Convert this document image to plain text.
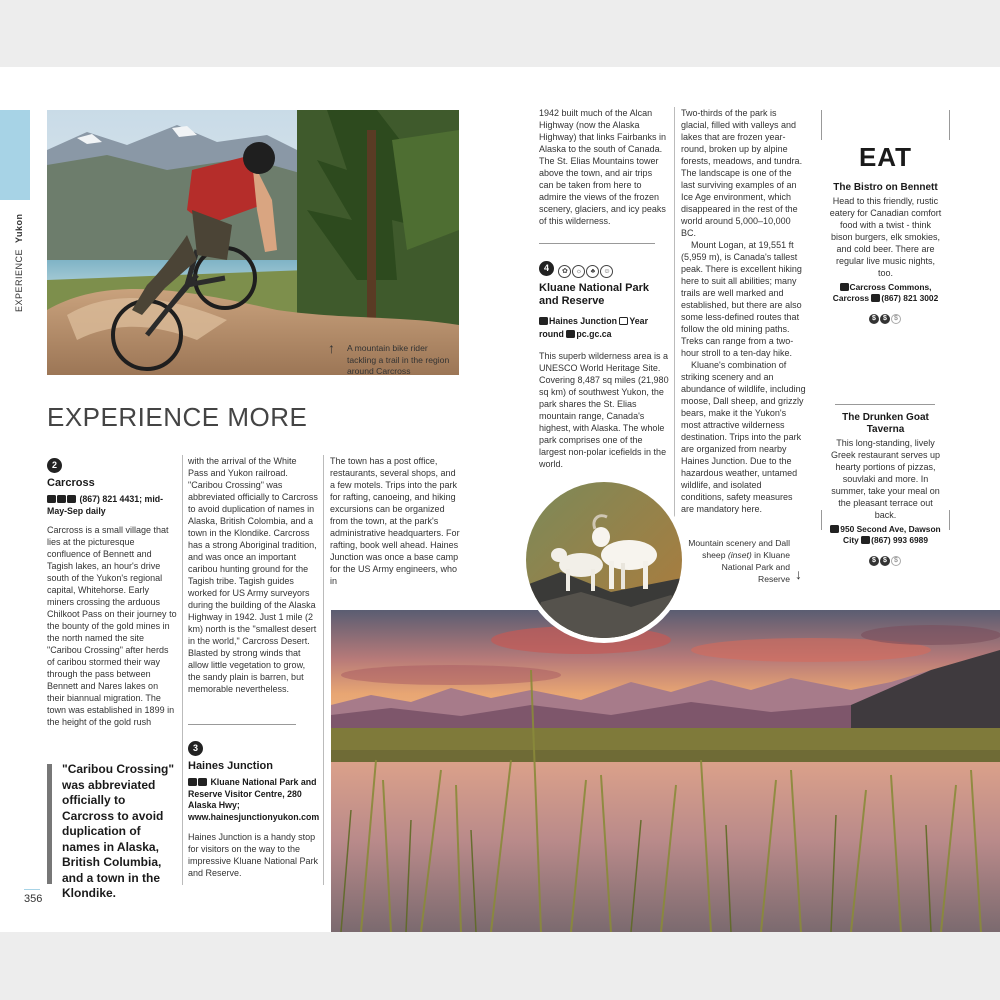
EXPERIENCE Yukon
356
↑ A mountain bike rider tackling a trail in the region around Carcross
EXPERIENCE MORE
2
Carcross
(867) 821 4431; mid-May-Sep daily
Carcross is a small village that lies at the picturesque confluence of Bennett and Tagish lakes, an hour's drive south of the Yukon's regional capital, Whitehorse. Early miners crossing the arduous Chilkoot Pass on their journey to the bounty of the gold mines in the north named the site "Caribou Crossing" after herds of caribou stormed their way through the pass between Bennett and Nares lakes on their biannual migration. The town was established in 1899 in the height of the gold rush
"Caribou Crossing" was abbreviated officially to Carcross to avoid duplication of names in Alaska, British Columbia, and a town in the Klondike.
with the arrival of the White Pass and Yukon railroad. "Caribou Crossing" was abbreviated officially to Carcross to avoid duplication of names in Alaska, British Colombia, and a town in the Klondike. Carcross has a strong Aboriginal tradition, and was once an important caribou hunting ground for the Tagish tribe. Tagish guides worked for US Army surveyors during the building of the Alaska Highway in 1942. Just 1 mile (2 km) north is the "smallest desert in the world," Carcross Desert. Blasted by strong winds that allow little vegetation to grow, the sandy plain is barren, but memorable nevertheless.
3
Haines Junction
Kluane National Park and Reserve Visitor Centre, 280 Alaska Hwy; www.hainesjunctionyukon.com
Haines Junction is a handy stop for visitors on the way to the impressive Kluane National Park and Reserve.
The town has a post office, restaurants, several shops, and a few motels. Trips into the park for rafting, canoeing, and hiking excursions can be organized from the town, at the park's administrative headquarters. For rafting, book well ahead. Haines Junction was once a base camp for the US Army engineers, who in
1942 built much of the Alcan Highway (now the Alaska Highway) that links Fairbanks in Alaska to the south of Canada. The St. Elias Mountains tower above the town, and air trips can be taken from here to admire the views of the frozen scenery, glaciers, and icy peaks of this wilderness.
4 ✿ ☼ ♣ ☺
Kluane National Park and Reserve
Haines Junction Year round pc.gc.ca
This superb wilderness area is a UNESCO World Heritage Site. Covering 8,487 sq miles (21,980 sq km) of southwest Yukon, the park shares the St. Elias mountain range, Canada's highest, with Alaska. The whole park comprises one of the largest non-polar icefields in the world.
Two-thirds of the park is glacial, filled with valleys and lakes that are frozen year-round, broken up by alpine forests, meadows, and tundra. The landscape is one of the last surviving examples of an Ice Age environment, which disappeared in the rest of the world around 5,000–10,000 BC.
Mount Logan, at 19,551 ft (5,959 m), is Canada's tallest peak. There is excellent hiking here to suit all abilities; many trails are well marked and established, but there are also some less-defined routes that follow the old mining paths. Treks can range from a two-hour stroll to a ten-day hike.
Kluane's combination of striking scenery and an abundance of wildlife, including moose, Dall sheep, and grizzly bears, make it the Yukon's most attractive wilderness destination. Trips into the park are organized from nearby Haines Junction. Due to the hazardous weather, untamed wildlife, and isolated conditions, safety measures are mandatory here.
EAT
The Bistro on Bennett
Head to this friendly, rustic eatery for Canadian comfort food with a twist - think bison burgers, elk smokies, and cold beer. There are regular live music nights, too.
Carcross Commons, Carcross (867) 821 3002
$ $ $
The Drunken Goat Taverna
This long-standing, lively Greek restaurant serves up hearty portions of pizzas, souvlaki and more. In summer, take your meal on the pleasant terrace out back.
950 Second Ave, Dawson City (867) 993 6989
$ $ $
Mountain scenery and Dall sheep (inset) in Kluane National Park and Reserve ↓
